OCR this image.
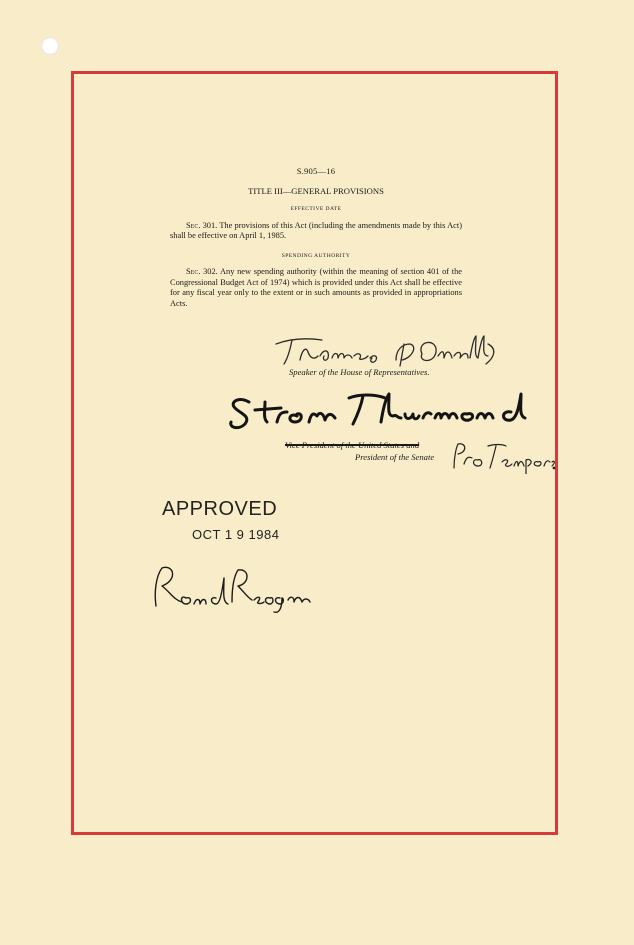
S.905—16
TITLE III—GENERAL PROVISIONS
EFFECTIVE DATE
Sec. 301. The provisions of this Act (including the amendments made by this Act) shall be effective on April 1, 1985.
SPENDING AUTHORITY
Sec. 302. Any new spending authority (within the meaning of section 401 of the Congressional Budget Act of 1974) which is provided under this Act shall be effective for any fiscal year only to the extent or in such amounts as provided in appropriations Acts.
Speaker of the House of Representatives.
Vice President of the United States and
President of the Senate
APPROVED
OCT 1 9 1984
